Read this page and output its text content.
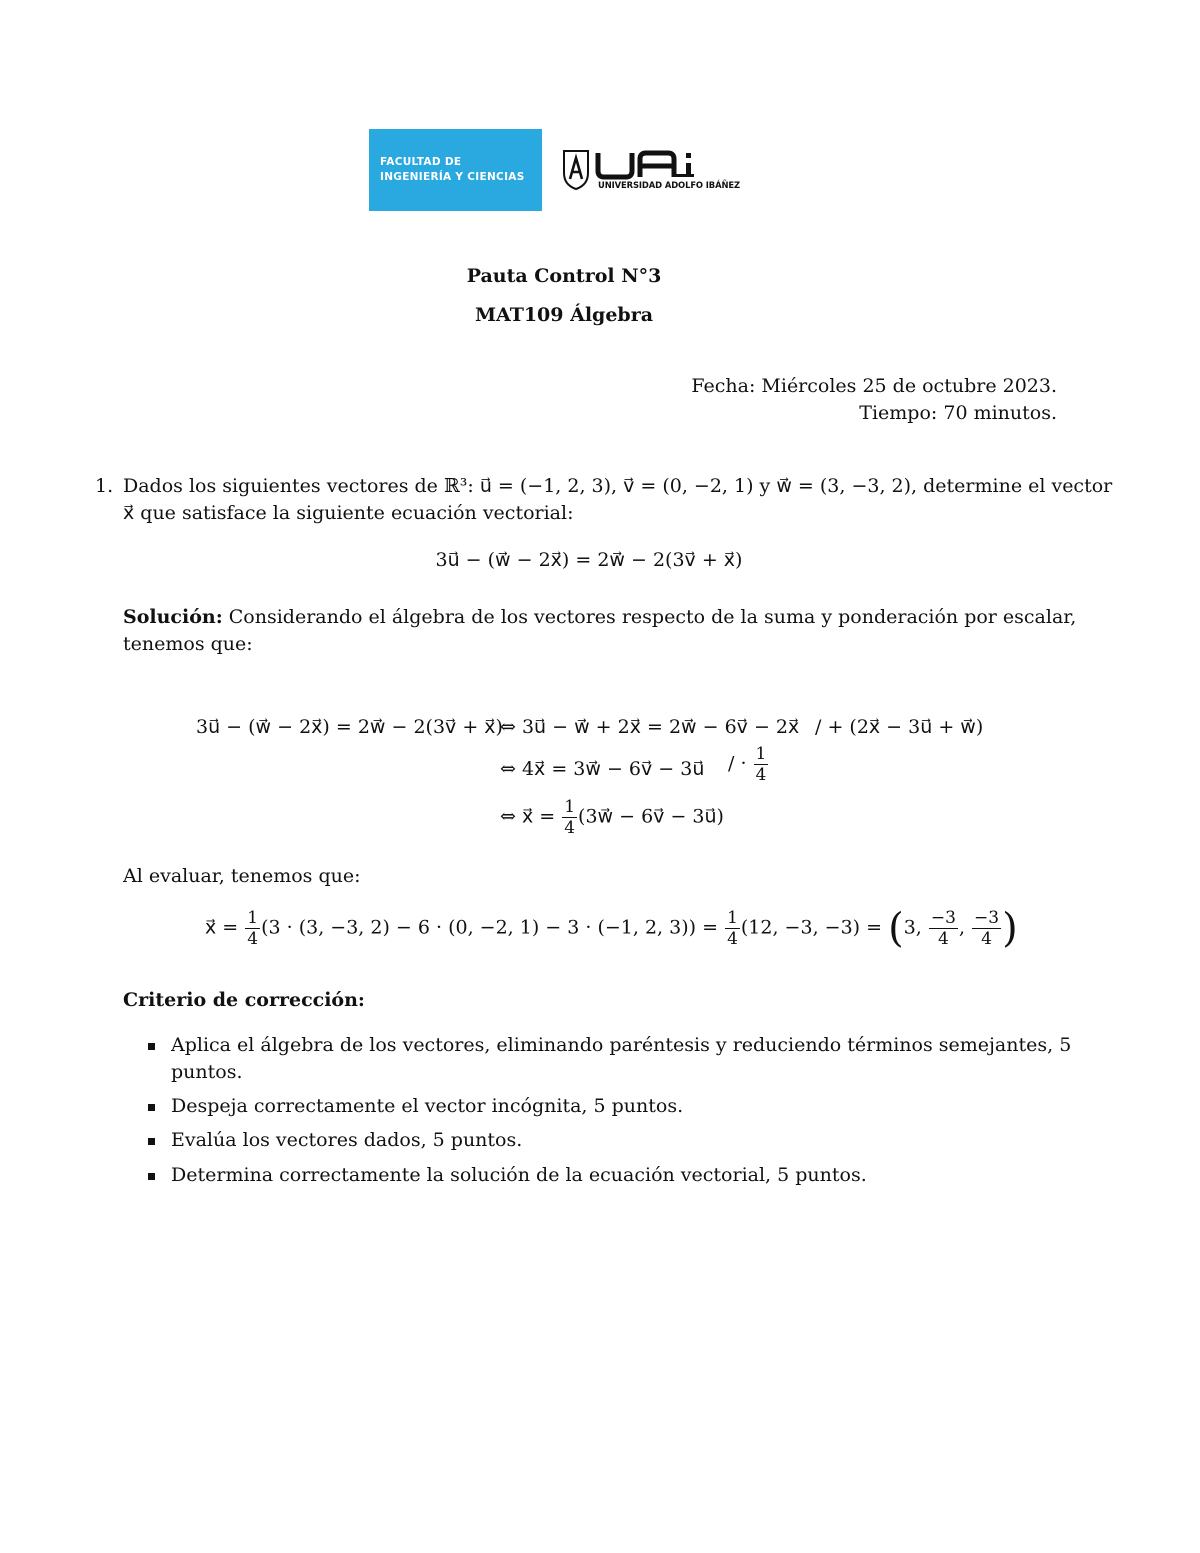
FACULTAD DE
INGENIERÍA Y CIENCIAS
UNIVERSIDAD ADOLFO IBÁÑEZ
Pauta Control N°3
MAT109 Álgebra
Fecha: Miércoles 25 de octubre 2023.
Tiempo: 70 minutos.
1. Dados los siguientes vectores de ℝ³: u⃗ = (−1, 2, 3), v⃗ = (0, −2, 1) y w⃗ = (3, −3, 2), determine el vector
x⃗ que satisface la siguiente ecuación vectorial:
3u⃗ − (w⃗ − 2x⃗) = 2w⃗ − 2(3v⃗ + x⃗)
Solución: Considerando el álgebra de los vectores respecto de la suma y ponderación por escalar,
tenemos que:
3u⃗ − (w⃗ − 2x⃗) = 2w⃗ − 2(3v⃗ + x⃗)
⇔ 3u⃗ − w⃗ + 2x⃗ = 2w⃗ − 6v⃗ − 2x⃗ / + (2x⃗ − 3u⃗ + w⃗)
⇔ 4x⃗ = 3w⃗ − 6v⃗ − 3u⃗ / · $\frac{1}{4}$
⇔ x⃗ = $\frac{1}{4}$ (3w⃗ − 6v⃗ − 3u⃗)
Al evaluar, tenemos que:
x⃗ = $\frac{1}{4} (3 \cdot (3$, −3, 2) − 6 · (0, −2, 1) − 3 · (−1, 2, $3)) = \frac{1}{4} (12$, −3, −3) = (3, $\frac{-3}{4}$ , $\frac{-3}{4}$ )
Criterio de corrección:
Aplica el álgebra de los vectores, eliminando paréntesis y reduciendo términos semejantes, 5
puntos.
Despeja correctamente el vector incógnita, 5 puntos.
Evalúa los vectores dados, 5 puntos.
Determina correctamente la solución de la ecuación vectorial, 5 puntos.
